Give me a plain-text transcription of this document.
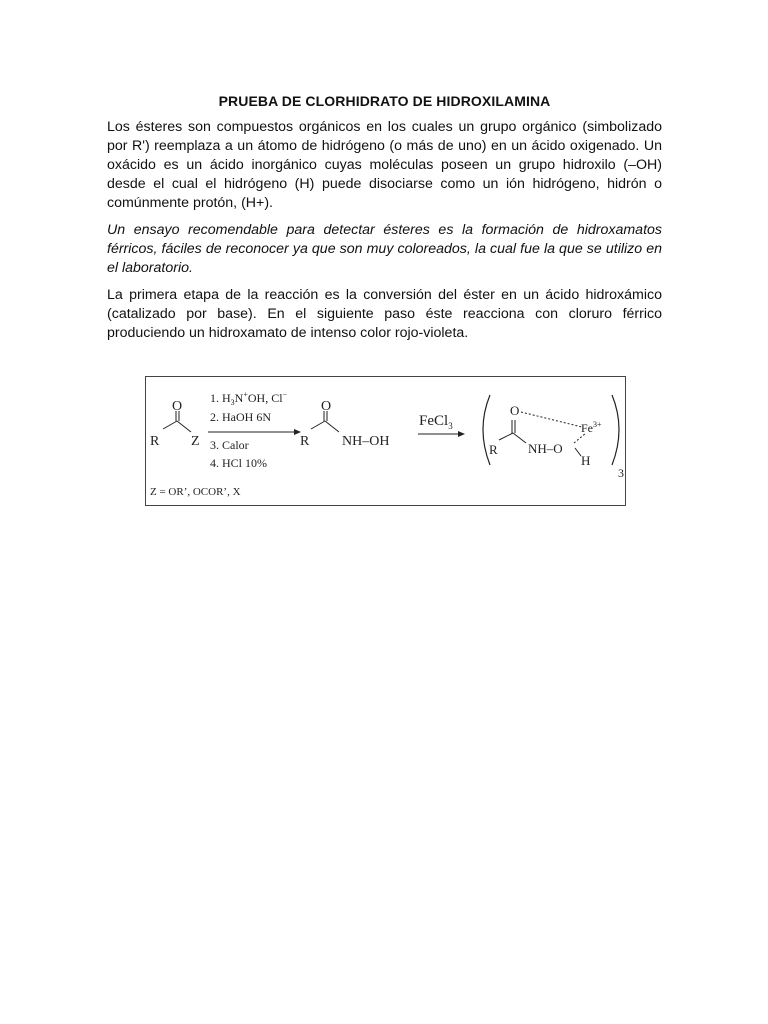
PRUEBA DE CLORHIDRATO DE HIDROXILAMINA

Los ésteres son compuestos orgánicos en los cuales un grupo orgánico (simbolizado por R') reemplaza a un átomo de hidrógeno (o más de uno) en un ácido oxigenado. Un oxácido es un ácido inorgánico cuyas moléculas poseen un grupo hidroxilo (–OH) desde el cual el hidrógeno (H) puede disociarse como un ión hidrógeno, hidrón o comúnmente protón, (H+).

Un ensayo recomendable para detectar ésteres es la formación de hidroxamatos férricos, fáciles de reconocer ya que son muy coloreados, la cual fue la que se utilizo en el laboratorio.

La primera etapa de la reacción es la conversión del éster en un ácido hidroxámico (catalizado por base). En el siguiente paso éste reacciona con cloruro férrico produciendo un hidroxamato de intenso color rojo-violeta.

O
R Z
1. $H_3N^+OH$, Cl−
2. HaOH 6N
3. Calor
4. HCl 10%
O
R NH–OH
FeCl$_3$
O
R NH–O
H
$Fe^{3+}$
3
Z = OR’, OCOR’, X
